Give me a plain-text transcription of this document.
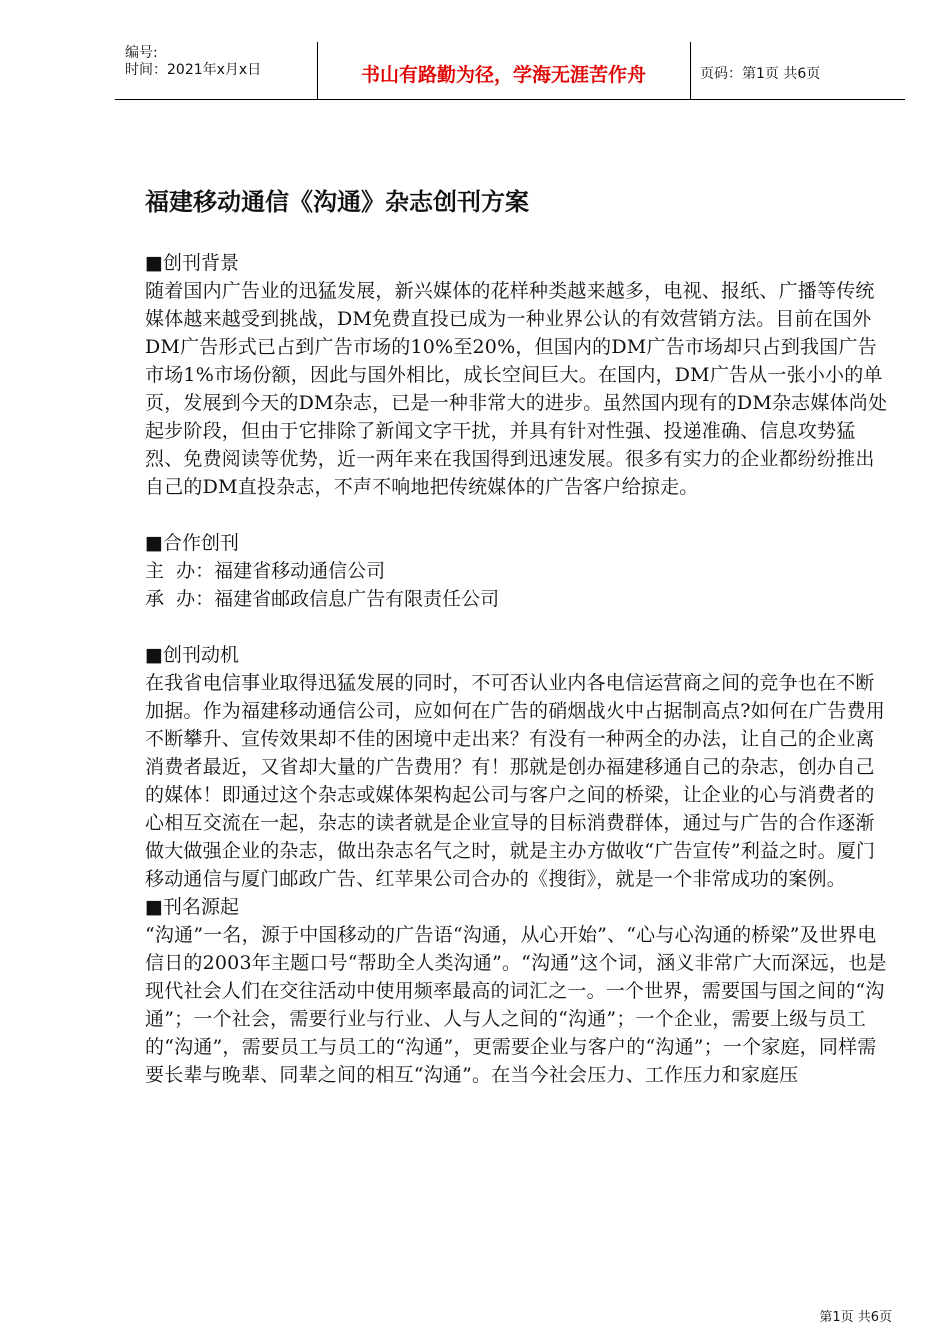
编号:
时间：2021年x月x日	书山有路勤为径，学海无涯苦作舟	页码：第1页 共6页
福建移动通信《沟通》杂志创刊方案
■创刊背景

随着国内广告业的迅猛发展，新兴媒体的花样种类越来越多，电视、报纸、广播等传统媒体越来越受到挑战，DM免费直投已成为一种业界公认的有效营销方法。目前在国外DM广告形式已占到广告市场的10%至20%，但国内的DM广告市场却只占到我国广告市场1%市场份额，因此与国外相比，成长空间巨大。在国内，DM广告从一张小小的单页，发展到今天的DM杂志，已是一种非常大的进步。虽然国内现有的DM杂志媒体尚处起步阶段，但由于它排除了新闻文字干扰，并具有针对性强、投递准确、信息攻势猛烈、免费阅读等优势，近一两年来在我国得到迅速发展。很多有实力的企业都纷纷推出自己的DM直投杂志，不声不响地把传统媒体的广告客户给掠走。

■合作创刊
主  办：福建省移动通信公司
承  办：福建省邮政信息广告有限责任公司
■创刊动机

在我省电信事业取得迅猛发展的同时，不可否认业内各电信运营商之间的竞争也在不断加据。作为福建移动通信公司，应如何在广告的硝烟战火中占据制高点?如何在广告费用不断攀升、宣传效果却不佳的困境中走出来？有没有一种两全的办法，让自己的企业离消费者最近，又省却大量的广告费用？有！那就是创办福建移通自己的杂志，创办自己的媒体！即通过这个杂志或媒体架构起公司与客户之间的桥梁，让企业的心与消费者的心相互交流在一起，杂志的读者就是企业宣导的目标消费群体，通过与广告的合作逐渐做大做强企业的杂志，做出杂志名气之时，就是主办方做收“广告宣传”利益之时。厦门移动通信与厦门邮政广告、红苹果公司合办的《搜街》，就是一个非常成功的案例。

■刊名源起

“沟通”一名，源于中国移动的广告语“沟通，从心开始”、“心与心沟通的桥梁”及世界电信日的2003年主题口号“帮助全人类沟通”。“沟通”这个词，涵义非常广大而深远，也是现代社会人们在交往活动中使用频率最高的词汇之一。一个世界，需要国与国之间的“沟通”；一个社会，需要行业与行业、人与人之间的“沟通”；一个企业，需要上级与员工的“沟通”，需要员工与员工的“沟通”，更需要企业与客户的“沟通”；一个家庭，同样需要长辈与晚辈、同辈之间的相互“沟通”。在当今社会压力、工作压力和家庭压

第1页 共6页
